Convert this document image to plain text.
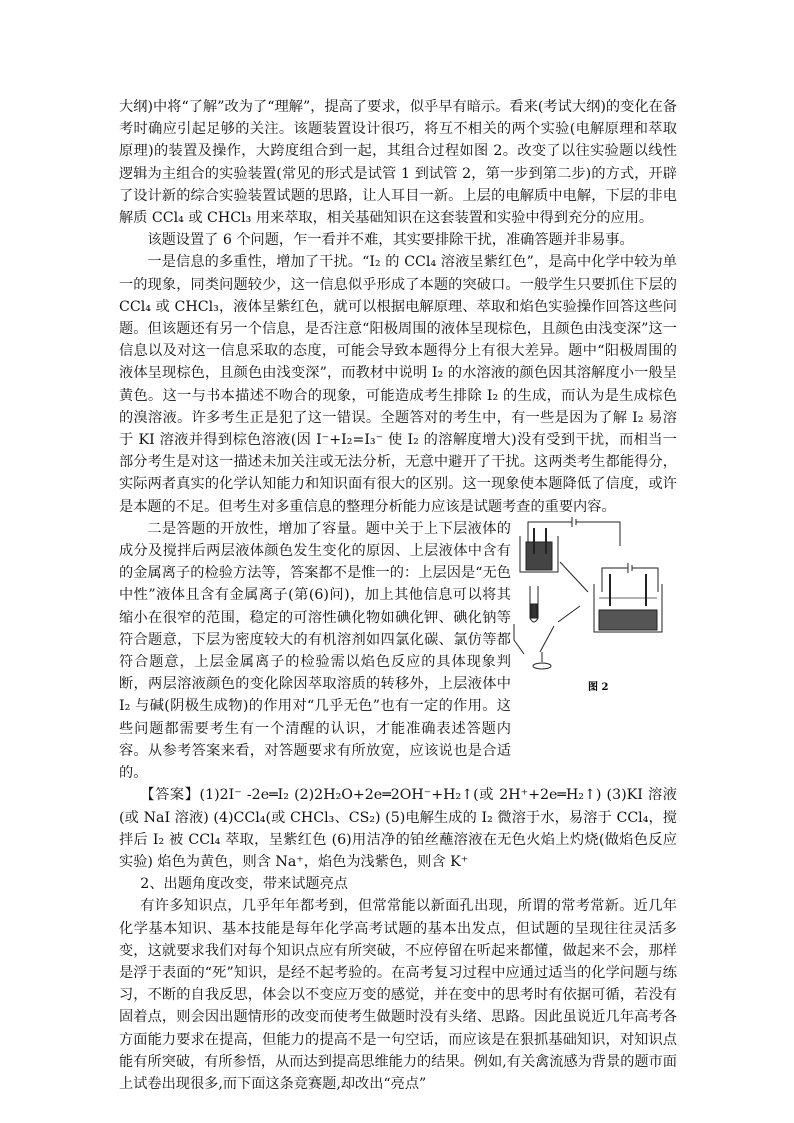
大纲)中将“了解”改为了“理解”，提高了要求，似乎早有暗示。看来(考试大纲)的变化在备考时确应引起足够的关注。该题装置设计很巧，将互不相关的两个实验(电解原理和萃取原理)的装置及操作，大跨度组合到一起，其组合过程如图 2。改变了以往实验题以线性逻辑为主组合的实验装置(常见的形式是试管 1 到试管 2，第一步到第二步)的方式，开辟了设计新的综合实验装置试题的思路，让人耳目一新。上层的电解质中电解，下层的非电解质 CCl₄ 或 CHCl₃ 用来萃取，相关基础知识在这套装置和实验中得到充分的应用。

该题设置了 6 个问题，乍一看并不难，其实要排除干扰，准确答题并非易事。

一是信息的多重性，增加了干扰。“I₂ 的 CCl₄ 溶液呈紫红色”，是高中化学中较为单一的现象，同类问题较少，这一信息似乎形成了本题的突破口。一般学生只要抓住下层的 CCl₄ 或 CHCl₃，液体呈紫红色，就可以根据电解原理、萃取和焰色实验操作回答这些问题。但该题还有另一个信息，是否注意“阳极周围的液体呈现棕色，且颜色由浅变深”这一信息以及对这一信息采取的态度，可能会导致本题得分上有很大差异。题中“阳极周围的液体呈现棕色，且颜色由浅变深”，而教材中说明 I₂ 的水溶液的颜色因其溶解度小一般呈黄色。这一与书本描述不吻合的现象，可能造成考生排除 I₂ 的生成，而认为是生成棕色的溴溶液。许多考生正是犯了这一错误。全题答对的考生中，有一些是因为了解 I₂ 易溶于 KI 溶液并得到棕色溶液(因 I⁻+I₂=I₃⁻ 使 I₂ 的溶解度增大)没有受到干扰，而相当一部分考生是对这一描述未加关注或无法分析，无意中避开了干扰。这两类考生都能得分，实际两者真实的化学认知能力和知识面有很大的区别。这一现象使本题降低了信度，或许是本题的不足。但考生对多重信息的整理分析能力应该是试题考查的重要内容。

二是答题的开放性，增加了容量。题中关于上下层液体的成分及搅拌后两层液体颜色发生变化的原因、上层液体中含有的金属离子的检验方法等，答案都不是惟一的：上层因是“无色中性”液体且含有金属离子(第(6)问)，加上其他信息可以将其缩小在很窄的范围，稳定的可溶性碘化物如碘化钾、碘化钠等符合题意，下层为密度较大的有机溶剂如四氯化碳、氯仿等都符合题意，上层金属离子的检验需以焰色反应的具体现象判断，两层溶液颜色的变化除因萃取溶质的转移外，上层液体中 I₂ 与碱(阴极生成物)的作用对“几乎无色”也有一定的作用。这些问题都需要考生有一个清醒的认识，才能准确表述答题内容。从参考答案来看，对答题要求有所放宽，应该说也是合适的。

【答案】(1)2I⁻ -2e═I₂ (2)2H₂O+2e═2OH⁻+H₂↑(或 2H⁺+2e═H₂↑) (3)KI 溶液(或 NaI 溶液) (4)CCl₄(或 CHCl₃、CS₂) (5)电解生成的 I₂ 微溶于水，易溶于 CCl₄，搅拌后 I₂ 被 CCl₄ 萃取，呈紫红色 (6)用洁净的铂丝蘸溶液在无色火焰上灼烧(做焰色反应实验) 焰色为黄色，则含 Na⁺，焰色为浅紫色，则含 K⁺

2、出题角度改变，带来试题亮点

有许多知识点，几乎年年都考到，但常常能以新面孔出现，所谓的常考常新。近几年化学基本知识、基本技能是每年化学高考试题的基本出发点，但试题的呈现往往灵活多变，这就要求我们对每个知识点应有所突破，不应停留在听起来都懂，做起来不会，那样是浮于表面的“死”知识，是经不起考验的。在高考复习过程中应通过适当的化学问题与练习，不断的自我反思，体会以不变应万变的感觉，并在变中的思考时有依据可循，若没有固着点，则会因出题情形的改变而使考生做题时没有头绪、思路。因此虽说近几年高考各方面能力要求在提高，但能力的提高不是一句空话，而应该是在狠抓基础知识，对知识点能有所突破，有所参悟，从而达到提高思维能力的结果。例如,有关禽流感为背景的题市面上试卷出现很多,而下面这条竞赛题,却改出“亮点”

图 2
